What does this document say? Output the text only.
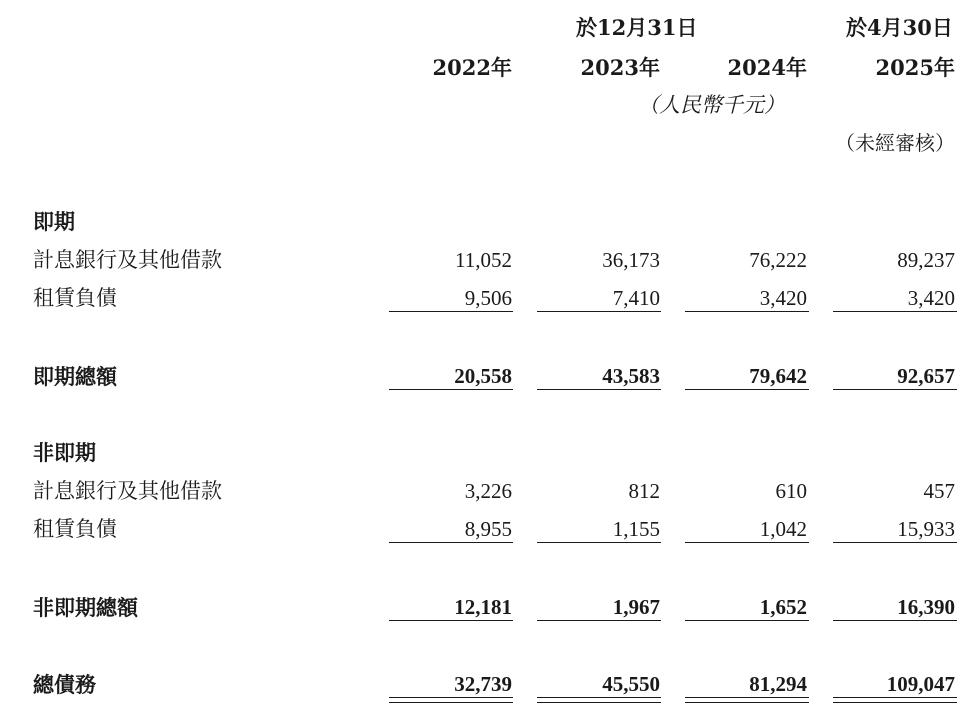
於12月31日	於4月30日
2022年	2023年	2024年	2025年
（人民幣千元）
（未經審核）
即期
計息銀行及其他借款	11,052	36,173	76,222	89,237
租賃負債	9,506	7,410	3,420	3,420
即期總額	20,558	43,583	79,642	92,657
非即期
計息銀行及其他借款	3,226	812	610	457
租賃負債	8,955	1,155	1,042	15,933
非即期總額	12,181	1,967	1,652	16,390
總債務	32,739	45,550	81,294	109,047
